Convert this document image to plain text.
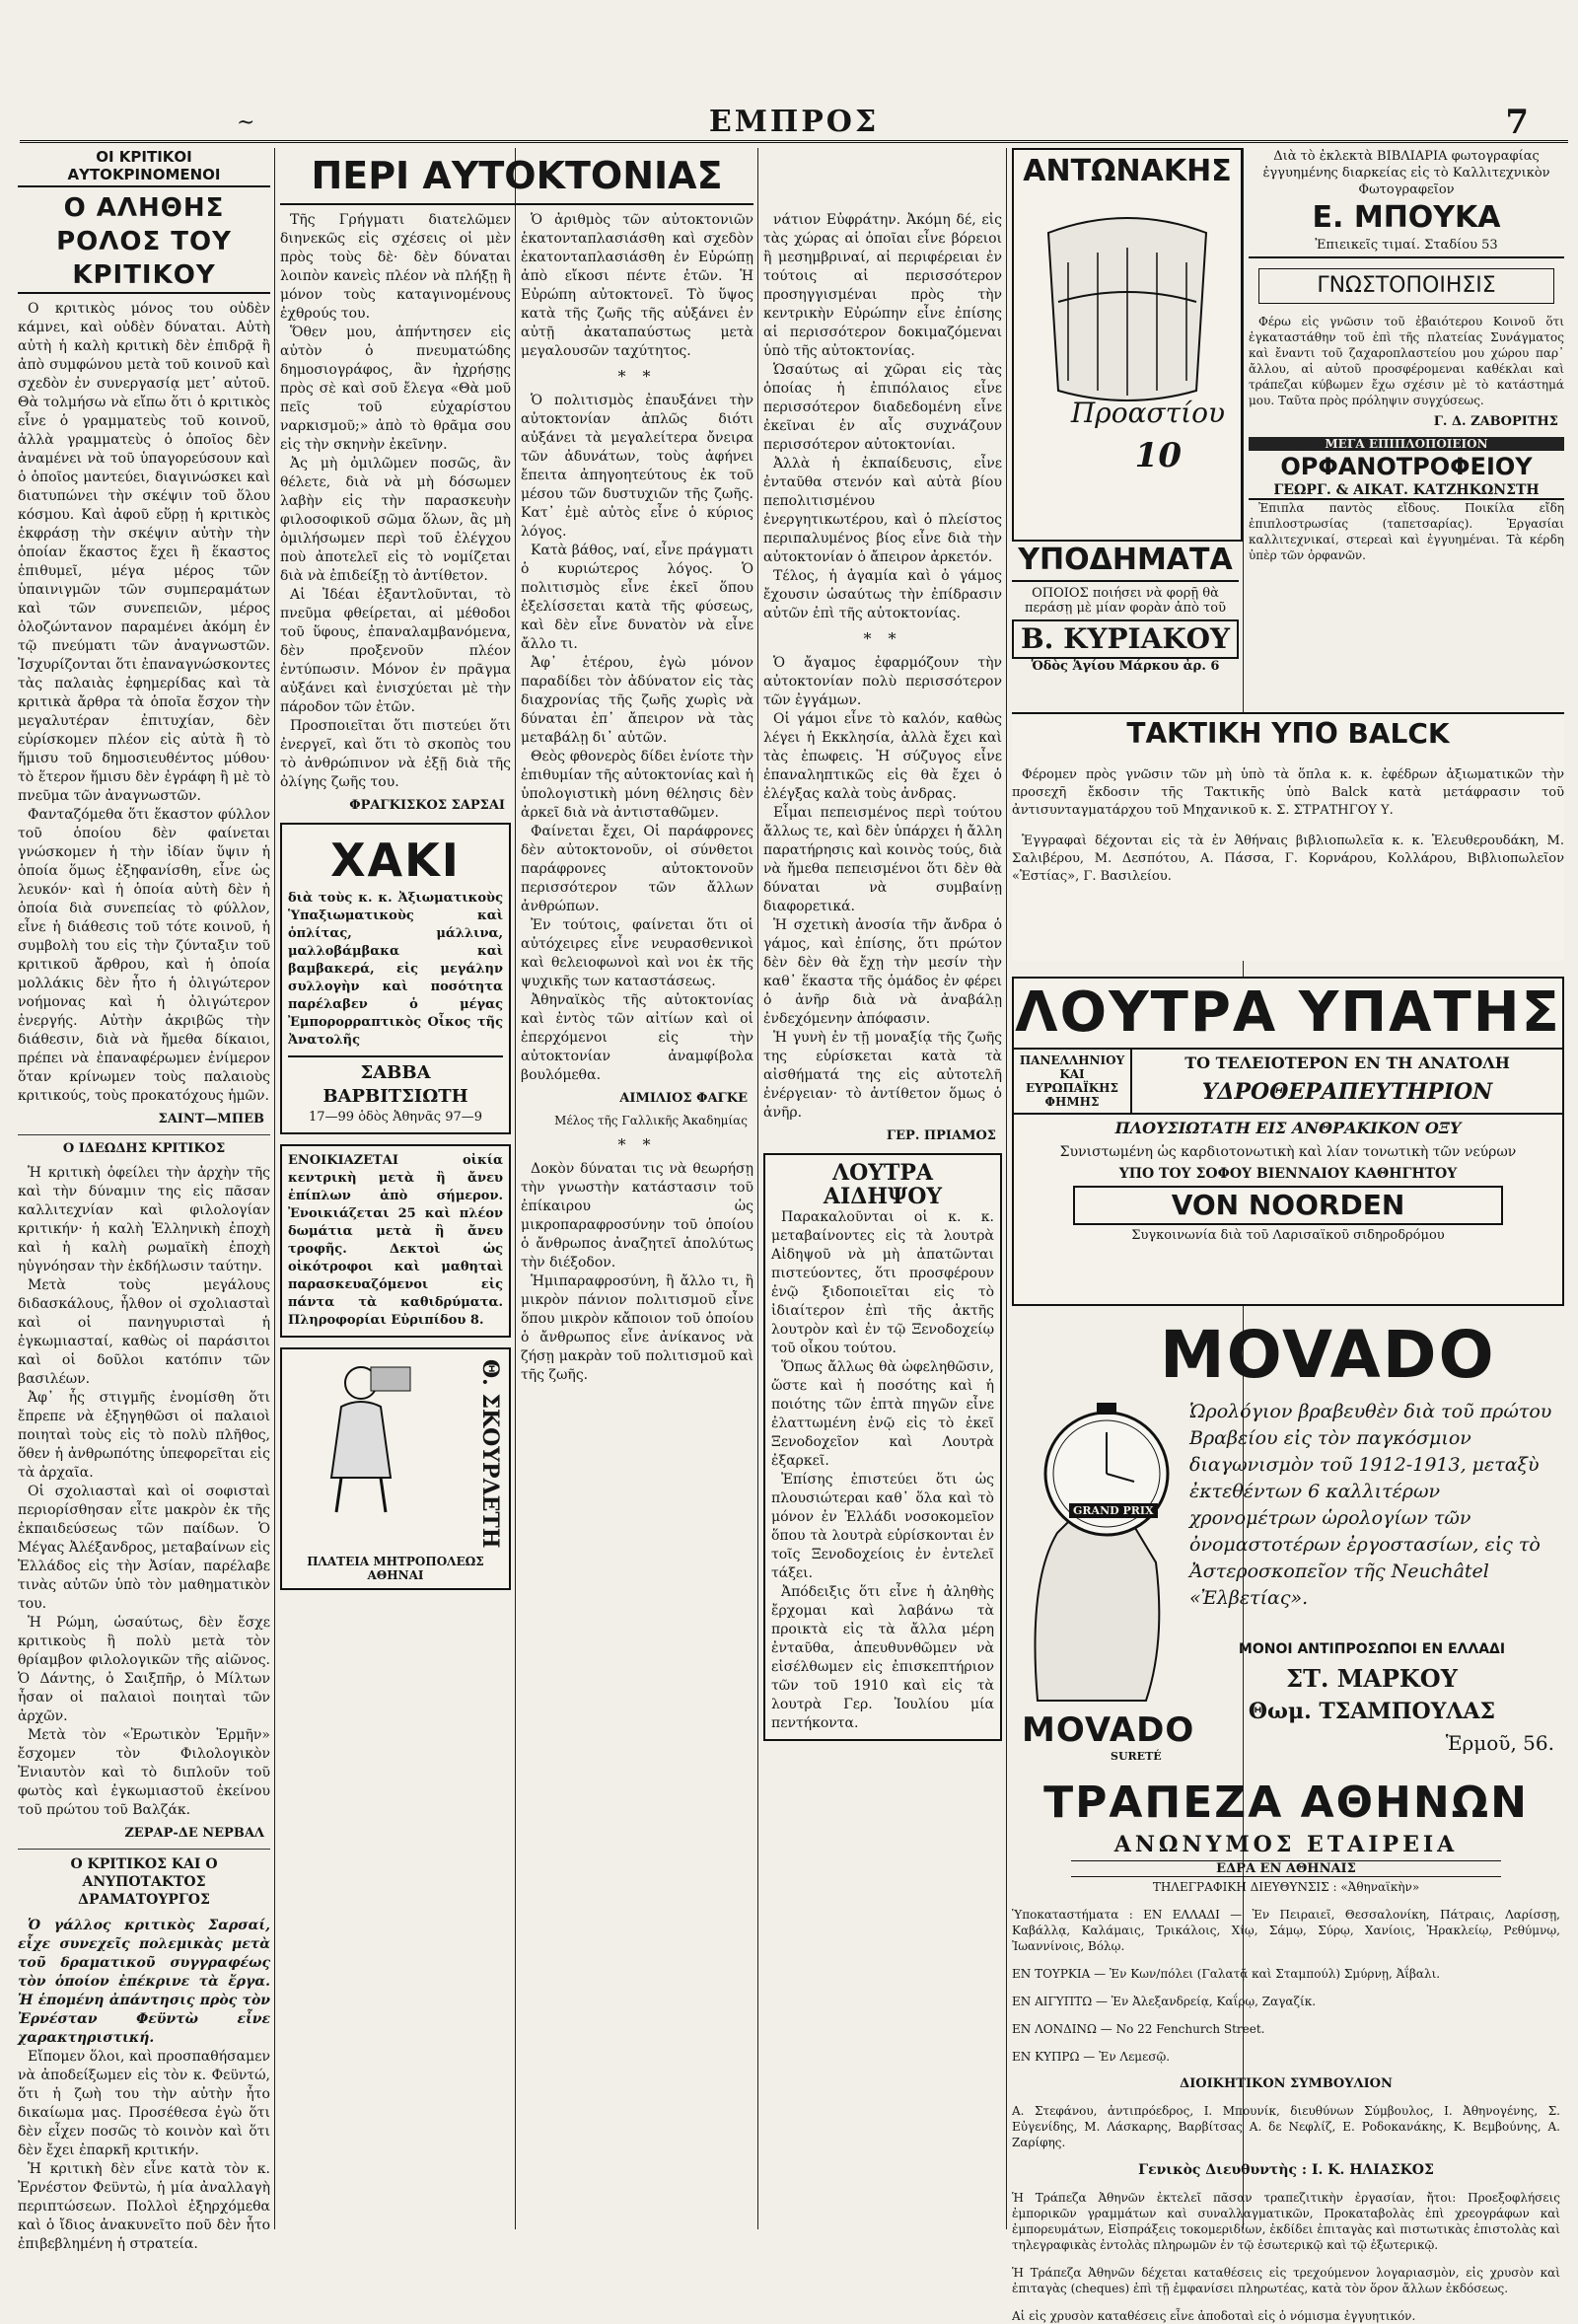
~	ΕΜΠΡΟΣ	7
ΟΙ ΚΡΙΤΙΚΟΙ ΑΥΤΟΚΡΙΝΟΜΕΝΟΙ
Ο ΑΛΗΘΗΣ ΡΟΛΟΣ ΤΟΥ ΚΡΙΤΙΚΟΥ

Ο κριτικὸς μόνος του οὐδὲν κάμνει, καὶ οὐδὲν δύναται. Αὐτὴ αὐτὴ ἡ καλὴ κριτικὴ δὲν ἐπιδρᾷ ἢ ἀπὸ συμφώνου μετὰ τοῦ κοινοῦ καὶ σχεδὸν ἐν συνεργασίᾳ μετ᾽ αὐτοῦ. Θὰ τολμήσω νὰ εἴπω ὅτι ὁ κριτικὸς εἶνε ὁ γραμματεὺς τοῦ κοινοῦ, ἀλλὰ γραμματεὺς ὁ ὁποῖος δὲν ἀναμένει νὰ τοῦ ὑπαγορεύσουν καὶ ὁ ὁποῖος μαντεύει, διαγινώσκει καὶ διατυπώνει τὴν σκέψιν τοῦ ὅλου κόσμου. Καὶ ἀφοῦ εὕρῃ ἡ κριτικὸς ἐκφράσῃ τὴν σκέψιν αὐτὴν τὴν ὁποίαν ἕκαστος ἔχει ἢ ἕκαστος ἐπιθυμεῖ, μέγα μέρος τῶν ὑπαινιγμῶν τῶν συμπεραμάτων καὶ τῶν συνεπειῶν, μέρος ὁλοζώντανον παραμένει ἀκόμη ἐν τῷ πνεύματι τῶν ἀναγνωστῶν. Ἰσχυρίζονται ὅτι ἐπαναγνώσκοντες τὰς παλαιὰς ἐφημερίδας καὶ τὰ κριτικὰ ἄρθρα τὰ ὁποῖα ἔσχον τὴν μεγαλυτέραν ἐπιτυχίαν, δὲν εὑρίσκομεν πλέον εἰς αὐτὰ ἢ τὸ ἥμισυ τοῦ δημοσιευθέντος μύθου· τὸ ἕτερον ἥμισυ δὲν ἐγράφη ἢ μὲ τὸ πνεῦμα τῶν ἀναγνωστῶν.

Φανταζόμεθα ὅτι ἕκαστον φύλλον τοῦ ὁποίου δὲν φαίνεται γνώσκομεν ἡ τὴν ἰδίαν ὕψιν ἡ ὁποία ὅμως ἐξηφανίσθη, εἶνε ὡς λευκόν· καὶ ἡ ὁποία αὐτὴ δὲν ἠ ὁποία διὰ συνεπείας τὸ φύλλον, εἶνε ἡ διάθεσις τοῦ τότε κοινοῦ, ἡ συμβολὴ του εἰς τὴν ζύνταξιν τοῦ κριτικοῦ ἄρθρου, καὶ ἡ ὁποία μολλάκις δὲν ἦτο ἡ ὀλιγώτερον νοήμονας καὶ ἡ ὀλιγώτερον ἐνεργής. Αὐτὴν ἀκριβῶς τὴν διάθεσιν, διὰ νὰ ἤμεθα δίκαιοι, πρέπει νὰ ἐπαναφέρωμεν ἐνίμερον ὅταν κρίνωμεν τοὺς παλαιοὺς κριτικούς, τοὺς προκατόχους ἡμῶν.

ΣΑΙΝΤ—ΜΠΕΒ
Ο ΙΔΕΩΔΗΣ ΚΡΙΤΙΚΟΣ

Ἡ κριτικὴ ὀφείλει τὴν ἀρχὴν τῆς καὶ τὴν δύναμιν της εἰς πᾶσαν καλλιτεχνίαν καὶ φιλολογίαν κριτικήν· ἡ καλὴ Ἑλληνικὴ ἐποχὴ καὶ ἡ καλὴ ρωμαϊκὴ ἐποχὴ ηὑγνόησαν τὴν ἐκδήλωσιν ταύτην.

Μετὰ τοὺς μεγάλους διδασκάλους, ἦλθον οἱ σχολιασταὶ καὶ οἱ πανηγυρισταὶ ἡ ἐγκωμιασταί, καθὼς οἱ παράσιτοι καὶ οἱ δοῦλοι κατόπιν τῶν βασιλέων.

Ἀφ᾽ ἧς στιγμῆς ἐνομίσθη ὅτι ἔπρεπε νὰ ἐξηγηθῶσι οἱ παλαιοὶ ποιηταὶ τοὺς εἰς τὸ πολὺ πλῆθος, ὅθεν ἡ ἀνθρωπότης ὑπεφορεῖται εἰς τὰ ἀρχαῖα.

Οἱ σχολιασταὶ καὶ οἱ σοφισταὶ περιορίσθησαν εἶτε μακρὸν ἐκ τῆς ἐκπαιδεύσεως τῶν παίδων. Ὁ Μέγας Ἀλέξανδρος, μεταβαίνων εἰς Ἑλλάδος εἰς τὴν Ἀσίαν, παρέλαβε τινὰς αὐτῶν ὑπὸ τὸν μαθηματικὸν του.

Ἡ Ρώμη, ὡσαύτως, δὲν ἔσχε κριτικοὺς ἢ πολὺ μετὰ τὸν θρίαμβον φιλολογικῶν τῆς αἰῶνος. Ὁ Δάντης, ὁ Σαιξπῆρ, ὁ Μίλτων ἦσαν οἱ παλαιοὶ ποιηταὶ τῶν ἀρχῶν.

Μετὰ τὸν «Ἐρωτικὸν Ἑρμῆν» ἔσχομεν τὸν Φιλολογικὸν Ἐνιαυτὸν καὶ τὸ διπλοῦν τοῦ φωτὸς καὶ ἐγκωμιαστοῦ ἐκείνου τοῦ πρώτου τοῦ Βαλζάκ.

ΖΕΡΑΡ-ΔΕ ΝΕΡΒΑΛ
Ο ΚΡΙΤΙΚΟΣ ΚΑΙ Ο ΑΝΥΠΟΤΑΚΤΟΣ ΔΡΑΜΑΤΟΥΡΓΟΣ

Ὁ γάλλος κριτικὸς Σαρσαί, εἶχε συνεχεῖς πολεμικὰς μετὰ τοῦ δραματικοῦ συγγραφέως τὸν ὁποίον ἐπέκρινε τὰ ἔργα. Ἡ ἑπομένη ἀπάντησις πρὸς τὸν Ἐρνέσταν Φεϋντὼ εἶνε χαρακτηριστική.

Εἴπομεν ὅλοι, καὶ προσπαθήσαμεν νὰ ἀποδείξωμεν εἰς τὸν κ. Φεϋντώ, ὅτι ἡ ζωὴ του τὴν αὐτὴν ἦτο δικαίωμα μας. Προσέθεσα ἐγὼ ὅτι δὲν εἶχεν ποσῶς τὸ κοινὸν καὶ ὅτι δὲν ἔχει ἐπαρκῆ κριτικήν.

Ἡ κριτικὴ δὲν εἶνε κατὰ τὸν κ. Ἐρνέστον Φεϋντὼ, ἡ μία ἀναλλαγὴ περιπτώσεων. Πολλοὶ ἐξηρχόμεθα καὶ ὁ ἴδιος ἀνακυνεῖτο ποῦ δὲν ἦτο ἐπιβεβλημένη ἡ στρατεία.

ΠΕΡΙ ΑΥΤΟΚΤΟΝΙΑΣ

Τῆς Γρήγματι διατελῶμεν διηνεκῶς εἰς σχέσεις οἱ μὲν πρὸς τοὺς δὲ· δὲν δύναται λοιπὸν κανεὶς πλέον νὰ πλήξῃ ἢ μόνον τοὺς καταγινομένους ἐχθρούς του.

Ὅθεν μου, ἀπήντησεν εἰς αὐτὸν ὁ πνευματώδης δημοσιογράφος, ἂν ἠχρήσῃς πρὸς σὲ καὶ σοῦ ἔλεγα «Θὰ μοῦ πεῖς τοῦ εὐχαρίστου ναρκισμοῦ;» ἀπὸ τὸ θρᾶμα σου εἰς τὴν σκηνὴν ἐκεῖνην.

Ἀς μὴ ὀμιλῶμεν ποσῶς, ἂν θέλετε, διὰ νὰ μὴ δόσωμεν λαβὴν εἰς τὴν παρασκευὴν φιλοσοφικοῦ σῶμα ὅλων, ἂς μὴ ὀμιλήσωμεν περὶ τοῦ ἐλέγχου ποὺ ἀποτελεῖ εἰς τὸ νομίζεται διὰ νὰ ἐπιδείξῃ τὸ ἀντίθετον.

Αἱ Ἰδέαι ἐξαντλοῦνται, τὸ πνεῦμα φθείρεται, αἱ μέθοδοι τοῦ ὕφους, ἐπαναλαμβανόμενα, δὲν προξενοῦν πλέον ἐντύπωσιν. Μόνον ἐν πρᾶγμα αὐξάνει καὶ ἐνισχύεται μὲ τὴν πάροδον τῶν ἐτῶν.

Προσποιεῖται ὅτι πιστεύει ὅτι ἐνεργεῖ, καὶ ὅτι τὸ σκοπὸς του τὸ ἀνθρώπινον νὰ ἐξῇ διὰ τῆς ὀλίγης ζωῆς του.

ΦΡΑΓΚΙΣΚΟΣ ΣΑΡΣΑΙ
ΧΑΚΙ
διὰ τοὺς κ. κ. Ἀξιωματικοὺς Ὑπαξιωματικοὺς καὶ ὁπλίτας, μάλλινα, μαλλοβάμβακα καὶ βαμβακερά, εἰς μεγάλην συλλογὴν καὶ ποσότητα παρέλαβεν ὁ μέγας Ἐμπορορραπτικὸς Οἶκος τῆς Ἀνατολῆς
ΣΑΒΒΑ ΒΑΡΒΙΤΣΙΩΤΗ
17—99 ὁδὸς Ἀθηνᾶς 97—9
ΕΝΟΙΚΙΑΖΕΤΑΙ οἰκία κεντρικὴ μετὰ ἢ ἄνευ ἐπίπλων ἀπὸ σήμερον. Ἐνοικιάζεται 25 καὶ πλέον δωμάτια μετὰ ἢ ἄνευ τροφῆς. Δεκτοὶ ὡς οἰκότροφοι καὶ μαθηταὶ παρασκευαζόμενοι εἰς πάντα τὰ καθιδρύματα. Πληροφορίαι Εὐριπίδου 8.
Θ. ΣΚΟΥΡΛΕΤΗ
ΠΛΑΤΕΙΑ ΜΗΤΡΟΠΟΛΕΩΣ ΑΘΗΝΑΙ

Ὁ ἀριθμὸς τῶν αὐτοκτονιῶν ἑκατονταπλασιάσθη καὶ σχεδὸν ἑκατονταπλασιάσθη ἐν Εὐρώπῃ ἀπὸ εἴκοσι πέντε ἐτῶν. Ἡ Εὐρώπη αὐτοκτονεῖ. Τὸ ὕψος κατὰ τῆς ζωῆς τῆς αὐξάνει ἐν αὐτῇ ἀκαταπαύστως μετὰ μεγαλουσῶν ταχύτητος.

* *

Ὁ πολιτισμὸς ἐπαυξάνει τὴν αὐτοκτονίαν ἀπλῶς διότι αὐξάνει τὰ μεγαλείτερα ὄνειρα τῶν ἀδυνάτων, τοὺς ἀφήνει ἔπειτα ἀπηγοητεύτους ἐκ τοῦ μέσου τῶν δυστυχιῶν τῆς ζωῆς. Κατ᾽ ἐμὲ αὐτὸς εἶνε ὁ κύριος λόγος.

Κατὰ βάθος, ναί, εἶνε πράγματι ὁ κυριώτερος λόγος. Ὁ πολιτισμὸς εἶνε ἐκεῖ ὅπου ἐξελίσσεται κατὰ τῆς φύσεως, καὶ δὲν εἶνε δυνατὸν νὰ εἶνε ἄλλο τι.

Ἀφ᾽ ἑτέρου, ἐγὼ μόνον παραδίδει τὸν ἀδύνατον εἰς τὰς διαχρονίας τῆς ζωῆς χωρὶς νὰ δύναται ἐπ᾽ ἄπειρον νὰ τὰς μεταβάλῃ δι᾽ αὐτῶν.

Θεὸς φθονερὸς δίδει ἐνίοτε τὴν ἐπιθυμίαν τῆς αὐτοκτονίας καὶ ἡ ὑπολογιστικὴ μόνη θέλησις δὲν ἀρκεῖ διὰ νὰ ἀντισταθῶμεν.

Φαίνεται ἔχει, Οἱ παράφρονες δὲν αὐτοκτονοῦν, οἱ σύνθετοι παράφρονες αὐτοκτονοῦν περισσότερον τῶν ἄλλων ἀνθρώπων.

Ἐν τούτοις, φαίνεται ὅτι οἱ αὐτόχειρες εἶνε νευρασθενικοὶ καὶ θελειοφωνοὶ καὶ νοι ἐκ τῆς ψυχικῆς των καταστάσεως.

Ἀθηναϊκὸς τῆς αὐτοκτονίας καὶ ἐντὸς τῶν αἰτίων καὶ οἱ ἐπερχόμενοι εἰς τὴν αὐτοκτονίαν ἀναμφίβολα βουλόμεθα.

ΑΙΜΙΛΙΟΣ ΦΑΓΚΕ
Μέλος τῆς Γαλλικῆς Ἀκαδημίας
* *

Δοκὸν δύναται τις νὰ θεωρήσῃ τὴν γνωστὴν κατάστασιν τοῦ ἐπίκαιρου ὡς μικροπαραφροσύνην τοῦ ὁποίου ὁ ἄνθρωπος ἀναζητεῖ ἀπολύτως τὴν διέξοδον.

Ἡμιπαραφροσύνη, ἢ ἄλλο τι, ἢ μικρὸν πάνιον πολιτισμοῦ εἶνε ὅπου μικρὸν κἄποιον τοῦ ὁποίου ὁ ἄνθρωπος εἶνε ἀνίκανος νὰ ζήσῃ μακρὰν τοῦ πολιτισμοῦ καὶ τῆς ζωῆς.

νάτιον Εὐφράτην. Ἀκόμη δέ, εἰς τὰς χώρας αἱ ὁποῖαι εἶνε βόρειοι ἢ μεσημβριναί, αἱ περιφέρειαι ἐν τούτοις αἱ περισσότερον προσηγγισμέναι πρὸς τὴν κεντρικὴν Εὐρώπην εἶνε ἐπίσης αἱ περισσότερον δοκιμαζόμεναι ὑπὸ τῆς αὐτοκτονίας.

Ὡσαύτως αἱ χῶραι εἰς τὰς ὁποίας ἡ ἐπιπόλαιος εἶνε περισσότερον διαδεδομένη εἶνε ἐκεῖναι ἐν αἷς συχνάζουν περισσότερον αὐτοκτονίαι.

Ἀλλὰ ἡ ἐκπαίδευσις, εἶνε ἐνταῦθα στενόν καὶ αὐτὰ βίου πεπολιτισμένου ἐνεργητικωτέρου, καὶ ὁ πλείστος περιπαλυμένος βίος εἶνε διὰ τὴν αὐτοκτονίαν ὁ ἄπειρον ἀρκετόν.

Τέλος, ἡ ἀγαμία καὶ ὁ γάμος ἔχουσιν ὡσαύτως τὴν ἐπίδρασιν αὐτῶν ἐπὶ τῆς αὐτοκτονίας.

* *

Ὁ ἄγαμος ἐφαρμόζουν τὴν αὐτοκτονίαν πολὺ περισσότερον τῶν ἐγγάμων.

Οἱ γάμοι εἶνε τὸ καλόν, καθὼς λέγει ἡ Εκκλησία, ἀλλὰ ἔχει καὶ τὰς ἐπωφεις. Ἡ σύζυγος εἶνε ἐπαναληπτικῶς εἰς θὰ ἔχει ὁ ἐλέγξας καλὰ τοὺς ἀνδρας.

Εἶμαι πεπεισμένος περὶ τούτου ἄλλως τε, καὶ δὲν ὑπάρχει ἡ ἄλλη παρατήρησις καὶ κοινὸς τούς, διὰ νὰ ἤμεθα πεπεισμένοι ὅτι δὲν θὰ δύναται νὰ συμβαίνῃ διαφορετικά.

Ἡ σχετικὴ ἀνοσία τῆν ἄνδρα ὁ γάμος, καὶ ἐπίσης, ὅτι πρώτον δὲν δὲν θὰ ἔχῃ τὴν μεσίν τὴν καθ᾽ ἕκαστα τῆς ὁμάδος ἐν φέρει ὁ ἀνῆρ διὰ νὰ ἀναβάλῃ ἐνδεχόμενην ἀπόφασιν.

Ἡ γυνὴ ἐν τῇ μοναξίᾳ τῆς ζωῆς της εὑρίσκεται κατὰ τὰ αἰσθήματά της εἰς αὐτοτελῆ ἐνέργειαν· τὸ ἀντίθετον ὅμως ὁ ἀνῆρ.

ΓΕΡ. ΠΡΙΑΜΟΣ
ΛΟΥΤΡΑ ΑΙΔΗΨΟΥ

Παρακαλοῦνται οἱ κ. κ. μεταβαίνοντες εἰς τὰ λουτρὰ Αἰδηψοῦ νὰ μὴ ἀπατῶνται πιστεύοντες, ὅτι προσφέρουν ἐνῷ ξιδοποιεῖται εἰς τὸ ἰδιαίτερον ἐπὶ τῆς ἀκτῆς λουτρὸν καὶ ἐν τῷ Ξενοδοχείῳ τοῦ οἶκου τούτου.

Ὅπως ἄλλως θὰ ὠφεληθῶσιν, ὥστε καὶ ἡ ποσότης καὶ ἡ ποιότης τῶν ἑπτὰ πηγῶν εἶνε ἐλαττωμένη ἐνῷ εἰς τὸ ἐκεῖ Ξενοδοχεῖον καὶ Λουτρὰ ἐξαρκεῖ.

Ἐπίσης ἐπιστεύει ὅτι ὡς πλουσιώτεραι καθ᾽ ὅλα καὶ τὸ μόνον ἐν Ἑλλάδι νοσοκομεῖον ὅπου τὰ λουτρὰ εὑρίσκονται ἐν τοῖς Ξενοδοχείοις ἐν ἐντελεῖ τάξει.

Ἀπόδειξις ὅτι εἶνε ἡ ἀληθὴς ἔρχομαι καὶ λαβάνω τὰ προικτὰ εἰς τὰ ἄλλα μέρη ἐνταῦθα, ἀπευθυνθῶμεν νὰ εἰσέλθωμεν εἰς ἐπισκεπτήριον τῶν τοῦ 1910 καὶ εἰς τὰ λουτρὰ Γερ. Ἰουλίου μία πεντήκοντα.

ΑΝΤΩΝΑΚΗΣ
Προαστίου
10
ΥΠΟΔΗΜΑΤΑ
ΟΠΟΙΟΣ ποιήσει νὰ φορῇ θὰ περάσῃ μὲ μίαν φορὰν ἀπὸ τοῦ
Β. ΚΥΡΙΑΚΟΥ
Ὁδὸς Ἁγίου Μάρκου ἀρ. 6
Διὰ τὸ ἐκλεκτὰ ΒΙΒΛΙΑΡΙΑ φωτογραφίας ἐγγυημένης διαρκείας εἰς τὸ Καλλιτεχνικὸν Φωτογραφεῖον
Ε. ΜΠΟΥΚΑ
Ἐπιεικεῖς τιμαί. Σταδίου 53
ΓΝΩΣΤΟΠΟΙΗΣΙΣ

Φέρω εἰς γνῶσιν τοῦ ἐβαιότερου Κοινοῦ ὅτι ἐγκαταστάθην τοῦ ἐπὶ τῆς πλατείας Συνάγματος καὶ ἔναντι τοῦ ζαχαροπλαστείου μου χώρου παρ᾽ ἄλλου, αἱ αὐτοῦ προσφέρομεναι καθέκλαι καὶ τράπεζαι κύβωμεν ἔχω σχέσιν μὲ τὸ κατάστημά μου. Ταῦτα πρὸς πρόληψιν συγχύσεως.

Γ. Δ. ΖΑΒΟΡΙΤΗΣ
ΜΕΓΑ ΕΠΙΠΛΟΠΟΙΕΙΟΝ
ΟΡΦΑΝΟΤΡΟΦΕΙΟΥ
ΓΕΩΡΓ. & ΑΙΚΑΤ. ΚΑΤΖΗΚΩΝΣΤΗ

Ἐπιπλα παντὸς εἴδους. Ποικίλα εἴδη ἐπιπλοστρωσίας (ταπετσαρίας). Ἐργασίαι καλλιτεχνικαί, στερεαὶ καὶ ἐγγυημέναι. Τὰ κέρδη ὑπὲρ τῶν ὀρφανῶν.

ΤΑΚΤΙΚΗ ΥΠΟ BALCK

Φέρομεν πρὸς γνῶσιν τῶν μὴ ὑπὸ τὰ ὅπλα κ. κ. ἐφέδρων ἀξιωματικῶν τὴν προσεχῆ ἔκδοσιν τῆς Τακτικῆς ὑπὸ Balck κατὰ μετάφρασιν τοῦ ἀντισυνταγματάρχου τοῦ Μηχανικοῦ κ. Σ. ΣΤΡΑΤΗΓΟΥ Υ.

Ἐγγραφαὶ δέχονται εἰς τὰ ἐν Ἀθήναις βιβλιοπωλεῖα κ. κ. Ἐλευθερουδάκη, Μ. Σαλιβέρου, Μ. Δεσπότου, Α. Πάσσα, Γ. Κορνάρου, Κολλάρου, Βιβλιοπωλεῖον «Ἑστίας», Γ. Βασιλείου.

ΛΟΥΤΡΑ ΥΠΑΤΗΣ
ΠΑΝΕΛΛΗΝΙΟΥ ΚΑΙ ΕΥΡΩΠΑΪΚΗΣ ΦΗΜΗΣ
ΤΟ ΤΕΛΕΙΟΤΕΡΟΝ ΕΝ ΤΗ ΑΝΑΤΟΛΗ
ΥΔΡΟΘΕΡΑΠΕΥΤΗΡΙΟΝ
ΠΛΟΥΣΙΩΤΑΤΗ ΕΙΣ ΑΝΘΡΑΚΙΚΟΝ ΟΞΥ
Συνιστωμένη ὡς καρδιοτονωτικὴ καὶ λίαν τονωτικὴ τῶν νεύρων
ΥΠΟ ΤΟΥ ΣΟΦΟΥ ΒΙΕΝΝΑΙΟΥ ΚΑΘΗΓΗΤΟΥ
VON NOORDEN
Συγκοινωνία διὰ τοῦ Λαρισαϊκοῦ σιδηροδρόμου
GRAND PRIX
MOVADO
Ὡρολόγιον βραβευθὲν διὰ τοῦ πρώτου Βραβείου εἰς τὸν παγκόσμιον διαγωνισμὸν τοῦ 1912-1913, μεταξὺ ἐκτεθέντων 6 καλλιτέρων χρονομέτρων ὡρολογίων τῶν ὀνομαστοτέρων ἐργοστασίων, εἰς τὸ Ἀστεροσκοπεῖον τῆς Neuchâtel «Ἐλβετίας».
ΜΟΝΟΙ ΑΝΤΙΠΡΟΣΩΠΟΙ ΕΝ ΕΛΛΑΔΙ
ΣΤ. ΜΑΡΚΟΥ
Θωμ. ΤΣΑΜΠΟΥΛΑΣ
Ἑρμοῦ, 56.
MOVADO
SURETÉ
ΤΡΑΠΕΖΑ ΑΘΗΝΩΝ
ΑΝΩΝΥΜΟΣ ΕΤΑΙΡΕΙΑ
ΕΔΡΑ ΕΝ ΑΘΗΝΑΙΣ
ΤΗΛΕΓΡΑΦΙΚΗ ΔΙΕΥΘΥΝΣΙΣ : «Ἀθηναϊκὴν»

Ὑποκαταστήματα : ΕΝ ΕΛΛΑΔΙ — Ἐν Πειραιεῖ, Θεσσαλονίκη, Πάτραις, Λαρίσσῃ, Καβάλλᾳ, Καλάμαις, Τρικάλοις, Χίῳ, Σάμῳ, Σύρῳ, Χανίοις, Ἡρακλείῳ, Ρεθύμνῳ, Ἰωαννίνοις, Βόλῳ.

ΕΝ ΤΟΥΡΚΙΑ — Ἐν Κων/πόλει (Γαλατᾷ καὶ Σταμπούλ) Σμύρνῃ, Ἀΐβαλι.

ΕΝ ΑΙΓΥΠΤΩ — Ἐν Ἀλεξανδρείᾳ, Καΐρῳ, Ζαγαζίκ.

ΕΝ ΛΟΝΔΙΝΩ — No 22 Fenchurch Street.

ΕΝ ΚΥΠΡΩ — Ἐν Λεμεσῷ.

ΔΙΟΙΚΗΤΙΚΟΝ ΣΥΜΒΟΥΛΙΟΝ

Α. Στεφάνου, ἀντιπρόεδρος, Ι. Μπουνίκ, διευθύνων Σύμβουλος, Ι. Ἀθηνογένης, Σ. Εὐγενίδης, Μ. Λάσκαρης, Βαρβίτσας Α. δε Νεφλίζ, Ε. Ροδοκανάκης, Κ. Βεμβούνης, Α. Ζαρίφης.

Γενικὸς Διευθυντὴς : Ι. Κ. ΗΛΙΑΣΚΟΣ

Ἡ Τράπεζα Ἀθηνῶν ἐκτελεῖ πᾶσαν τραπεζιτικὴν ἐργασίαν, ἤτοι: Προεξοφλήσεις ἐμπορικῶν γραμμάτων καὶ συναλλαγματικῶν, Προκαταβολὰς ἐπὶ χρεογράφων καὶ ἐμπορευμάτων, Εἰσπράξεις τοκομεριδίων, ἐκδίδει ἐπιταγὰς καὶ πιστωτικὰς ἐπιστολὰς καὶ τηλεγραφικὰς ἐντολὰς πληρωμῶν ἐν τῷ ἐσωτερικῷ καὶ τῷ ἐξωτερικῷ.

Ἡ Τράπεζα Ἀθηνῶν δέχεται καταθέσεις εἰς τρεχούμενον λογαριασμὸν, εἰς χρυσὸν καὶ ἐπιταγὰς (cheques) ἐπὶ τῇ ἐμφανίσει πληρωτέας, κατὰ τὸν ὅρον ἄλλων ἐκδόσεως.

Αἱ εἰς χρυσὸν καταθέσεις εἶνε ἀποδοταὶ εἰς ὁ νόμισμα ἐγγυητικόν.
